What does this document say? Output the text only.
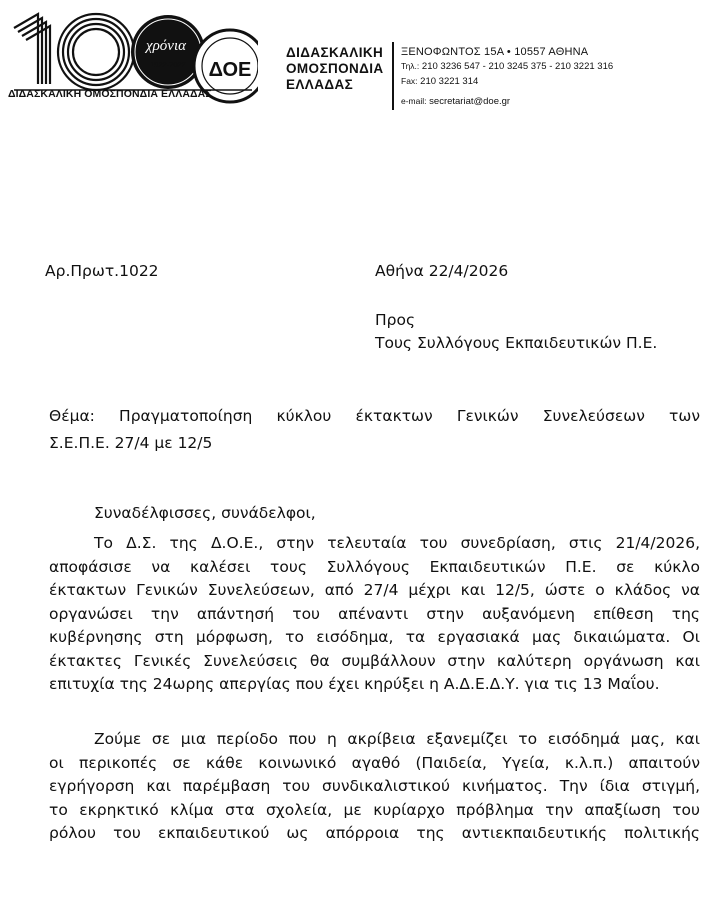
ΔΟΕ
χρόνια
1922-2022
ΔΙΔΑΣΚΑΛΙΚΗ ΟΜΟΣΠΟΝΔΙΑ ΕΛΛΑΔΑΣ
ΔΙΔΑΣΚΑΛΙΚΗ
ΟΜΟΣΠΟΝΔΙΑ
ΕΛΛΑΔΑΣ
ΞΕΝΟΦΩΝΤΟΣ 15Α • 10557 ΑΘΗΝΑ
Τηλ.: 210 3236 547 - 210 3245 375 - 210 3221 316
Fax: 210 3221 314
e-mail: secretariat@doe.gr
Αρ.Πρωτ.1022	Αθήνα 22/4/2026
Προς
Τους Συλλόγους Εκπαιδευτικών Π.Ε.
Θέμα: Πραγματοποίηση κύκλου έκτακτων Γενικών Συνελεύσεων των
Σ.Ε.Π.Ε. 27/4 με 12/5
Συναδέλφισσες, συνάδελφοι,
Το Δ.Σ. της Δ.Ο.Ε., στην τελευταία του συνεδρίαση, στις 21/4/2026,
αποφάσισε να καλέσει τους Συλλόγους Εκπαιδευτικών Π.Ε. σε κύκλο
έκτακτων Γενικών Συνελεύσεων, από 27/4 μέχρι και 12/5, ώστε ο κλάδος να
οργανώσει την απάντησή του απέναντι στην αυξανόμενη επίθεση της
κυβέρνησης στη μόρφωση, το εισόδημα, τα εργασιακά μας δικαιώματα. Οι
έκτακτες Γενικές Συνελεύσεις θα συμβάλλουν στην καλύτερη οργάνωση και
επιτυχία της 24ωρης απεργίας που έχει κηρύξει η Α.Δ.Ε.Δ.Υ. για τις 13 Μαΐου.
Ζούμε σε μια περίοδο που η ακρίβεια εξανεμίζει το εισόδημά μας, και
οι περικοπές σε κάθε κοινωνικό αγαθό (Παιδεία, Υγεία, κ.λ.π.) απαιτούν
εγρήγορση και παρέμβαση του συνδικαλιστικού κινήματος. Την ίδια στιγμή,
το εκρηκτικό κλίμα στα σχολεία, με κυρίαρχο πρόβλημα την απαξίωση του
ρόλου του εκπαιδευτικού ως απόρροια της αντιεκπαιδευτικής πολιτικής
